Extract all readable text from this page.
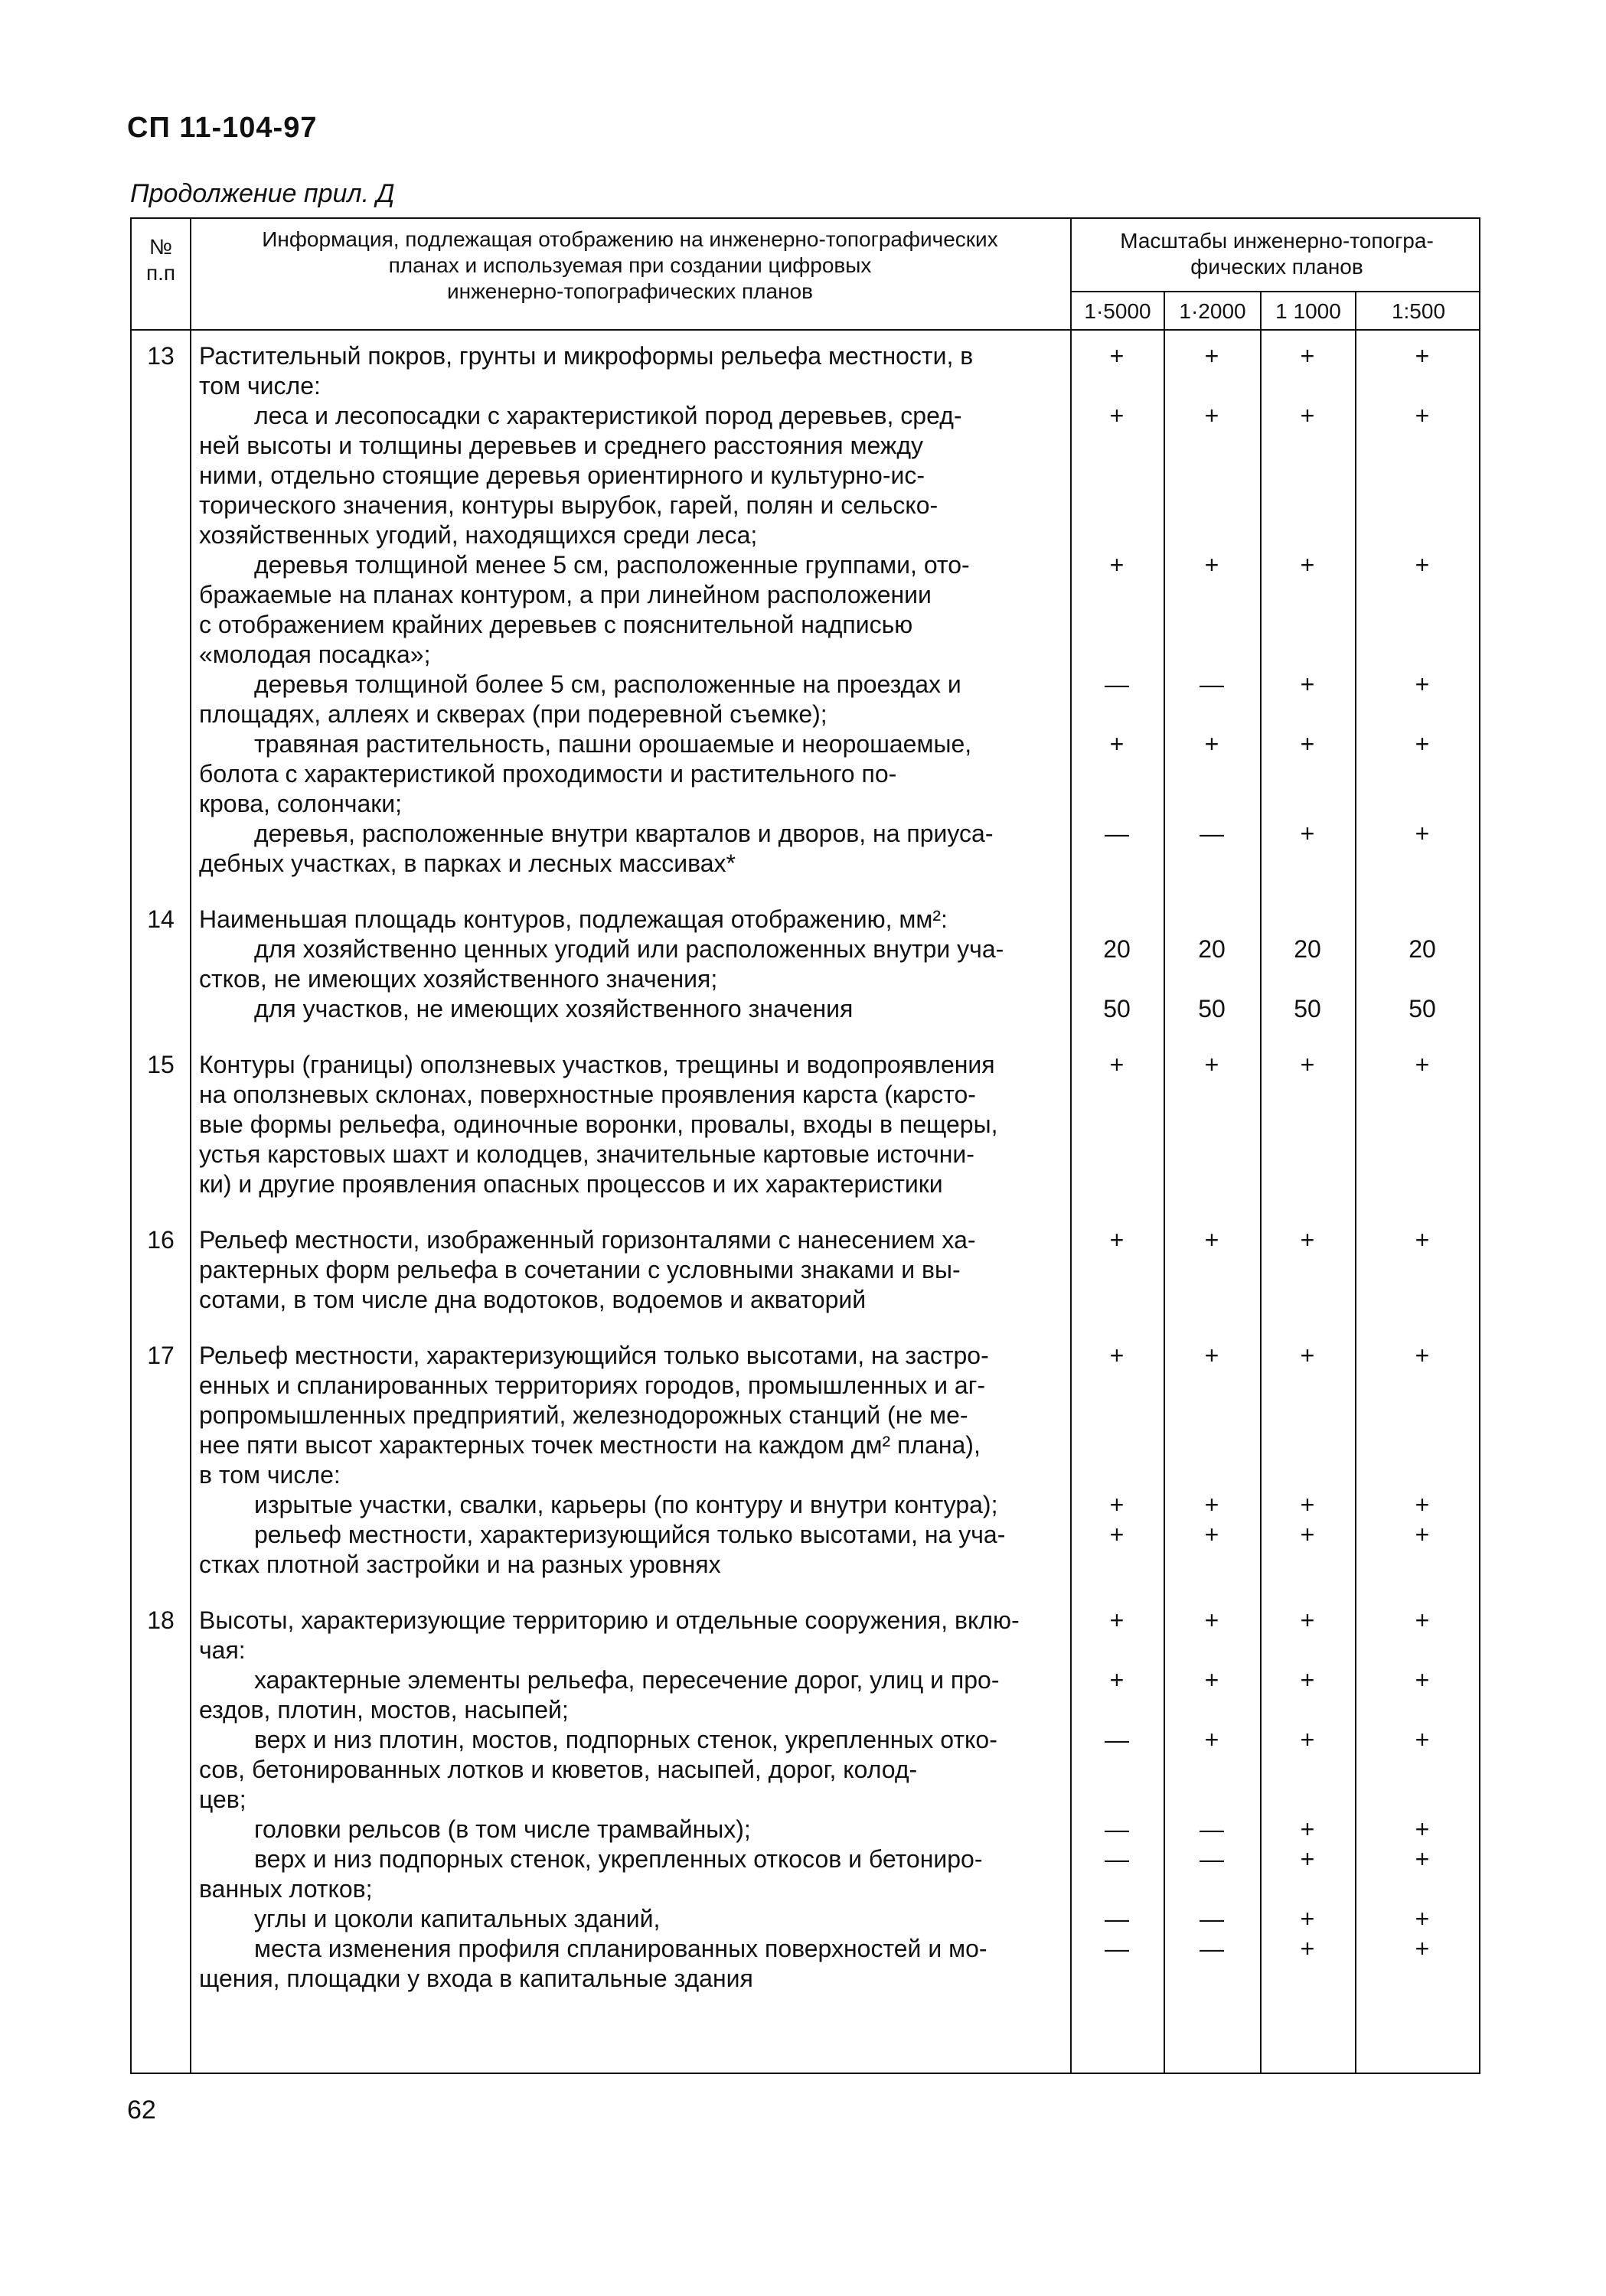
СП 11-104-97
Продолжение прил. Д
№
п.п
Информация, подлежащая отображению на инженерно-топографических
планах и используемая при создании цифровых
инженерно-топографических планов
Масштабы инженерно-топогра-
фических планов
1·5000	1·2000	1 1000	1:500
13	Растительный покров, грунты и микроформы рельефа местности, в	+	+	+	+
том числе:
леса и лесопосадки с характеристикой пород деревьев, сред-	+	+	+	+
ней высоты и толщины деревьев и среднего расстояния между
ними, отдельно стоящие деревья ориентирного и культурно-ис-
торического значения, контуры вырубок, гарей, полян и сельско-
хозяйственных угодий, находящихся среди леса;
деревья толщиной менее 5 см, расположенные группами, ото-	+	+	+	+
бражаемые на планах контуром, а при линейном расположении
с отображением крайних деревьев с пояснительной надписью
«молодая посадка»;
деревья толщиной более 5 см, расположенные на проездах и	—	—	+	+
площадях, аллеях и скверах (при подеревной съемке);
травяная растительность, пашни орошаемые и неорошаемые,	+	+	+	+
болота с характеристикой проходимости и растительного по-
крова, солончаки;
деревья, расположенные внутри кварталов и дворов, на приуса-	—	—	+	+
дебных участках, в парках и лесных массивах*
14	Наименьшая площадь контуров, подлежащая отображению, мм²:
для хозяйственно ценных угодий или расположенных внутри уча-	20	20	20	20
стков, не имеющих хозяйственного значения;
для участков, не имеющих хозяйственного значения	50	50	50	50
15	Контуры (границы) оползневых участков, трещины и водопроявления	+	+	+	+
на оползневых склонах, поверхностные проявления карста (карсто-
вые формы рельефа, одиночные воронки, провалы, входы в пещеры,
устья карстовых шахт и колодцев, значительные картовые источни-
ки) и другие проявления опасных процессов и их характеристики
16	Рельеф местности, изображенный горизонталями с нанесением ха-	+	+	+	+
рактерных форм рельефа в сочетании с условными знаками и вы-
сотами, в том числе дна водотоков, водоемов и акваторий
17	Рельеф местности, характеризующийся только высотами, на застро-	+	+	+	+
енных и спланированных территориях городов, промышленных и аг-
ропромышленных предприятий, железнодорожных станций (не ме-
нее пяти высот характерных точек местности на каждом дм² плана),
в том числе:
изрытые участки, свалки, карьеры (по контуру и внутри контура);	+	+	+	+
рельеф местности, характеризующийся только высотами, на уча-	+	+	+	+
стках плотной застройки и на разных уровнях
18	Высоты, характеризующие территорию и отдельные сооружения, вклю-	+	+	+	+
чая:
характерные элементы рельефа, пересечение дорог, улиц и про-	+	+	+	+
ездов, плотин, мостов, насыпей;
верх и низ плотин, мостов, подпорных стенок, укрепленных отко-	—	+	+	+
сов, бетонированных лотков и кюветов, насыпей, дорог, колод-
цев;
головки рельсов (в том числе трамвайных);	—	—	+	+
верх и низ подпорных стенок, укрепленных откосов и бетониро-	—	—	+	+
ванных лотков;
углы и цоколи капитальных зданий,	—	—	+	+
места изменения профиля спланированных поверхностей и мо-	—	—	+	+
щения, площадки у входа в капитальные здания
62
